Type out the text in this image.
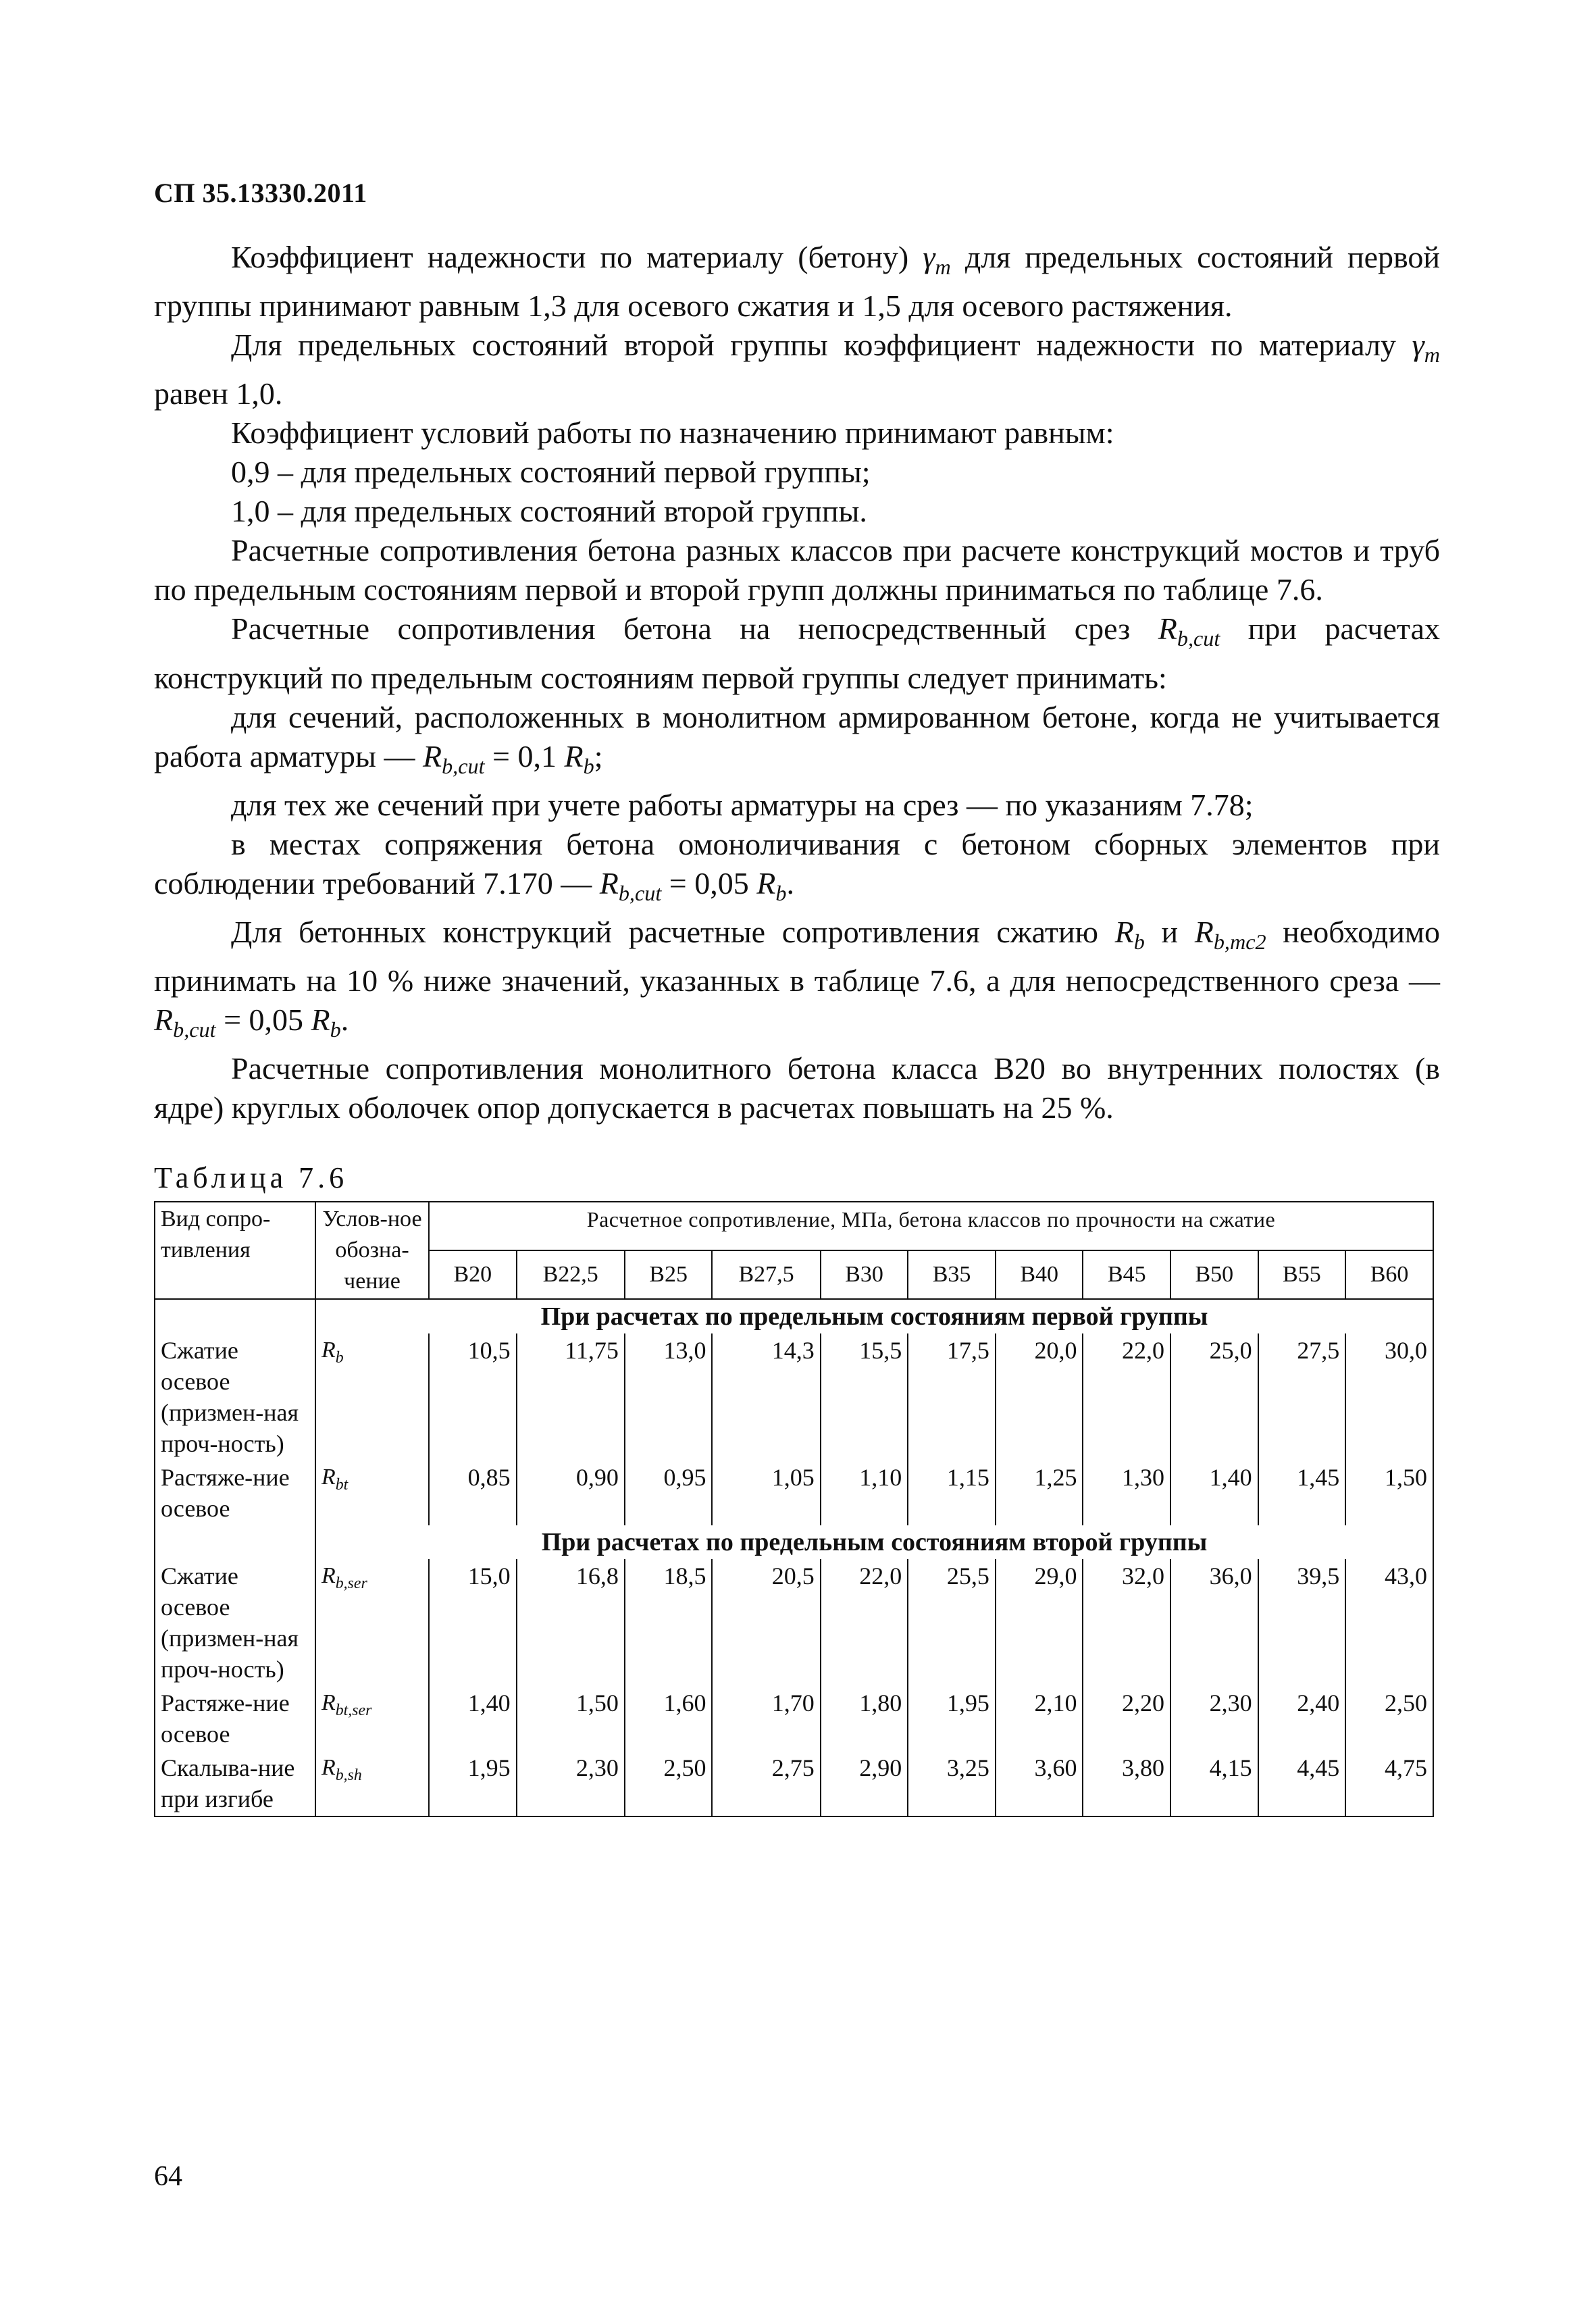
СП 35.13330.2011

Коэффициент надежности по материалу (бетону) $\gamma_m$ для предельных состояний первой группы принимают равным 1,3 для осевого сжатия и 1,5 для осевого растяжения.

Для предельных состояний второй группы коэффициент надежности по материалу $\gamma_m$ равен 1,0.

Коэффициент условий работы по назначению принимают равным:

0,9 – для предельных состояний первой группы;

1,0 – для предельных состояний второй группы.

Расчетные сопротивления бетона разных классов при расчете конструкций мостов и труб по предельным состояниям первой и второй групп должны приниматься по таблице 7.6.

Расчетные сопротивления бетона на непосредственный срез $R_{b,cut}$ при расчетах конструкций по предельным состояниям первой группы следует принимать:

для сечений, расположенных в монолитном армированном бетоне, когда не учитывается работа арматуры — $R_{b,cut} = 0,1$ $R_b$;

для тех же сечений при учете работы арматуры на срез — по указаниям 7.78;

в местах сопряжения бетона омоноличивания с бетоном сборных элементов при соблюдении требований 7.170 — $R_{b,cut} = 0,05$ $R_b$.

Для бетонных конструкций расчетные сопротивления сжатию $R_b$ и $R_{b,mc2}$ необходимо принимать на 10 % ниже значений, указанных в таблице 7.6, а для непосредственного среза — $R_{b,cut} = 0,05$ $R_b$.

Расчетные сопротивления монолитного бетона класса В20 во внутренних полостях (в ядре) круглых оболочек опор допускается в расчетах повышать на 25 %.

Таблица 7.6
Вид сопро-тивления	Услов-ное обозна-чение	Расчетное сопротивление, МПа, бетона классов по прочности на сжатие										
		B20	B22,5	B25	B27,5	B30	B35	B40	B45	B50	B55	B60
	При расчетах по предельным состояниям первой группы											
Сжатие осевое (призмен-ная проч-ность)	$R_b$	10,5	11,75	13,0	14,3	15,5	17,5	20,0	22,0	25,0	27,5	30,0
Растяже-ние осевое	$R_{bt}$	0,85	0,90	0,95	1,05	1,10	1,15	1,25	1,30	1,40	1,45	1,50
	При расчетах по предельным состояниям второй группы											
Сжатие осевое (призмен-ная проч-ность)	$R_{b,ser}$	15,0	16,8	18,5	20,5	22,0	25,5	29,0	32,0	36,0	39,5	43,0
Растяже-ние осевое	$R_{bt,ser}$	1,40	1,50	1,60	1,70	1,80	1,95	2,10	2,20	2,30	2,40	2,50
Скалыва-ние при изгибе	$R_{b,sh}$	1,95	2,30	2,50	2,75	2,90	3,25	3,60	3,80	4,15	4,45	4,75
64
